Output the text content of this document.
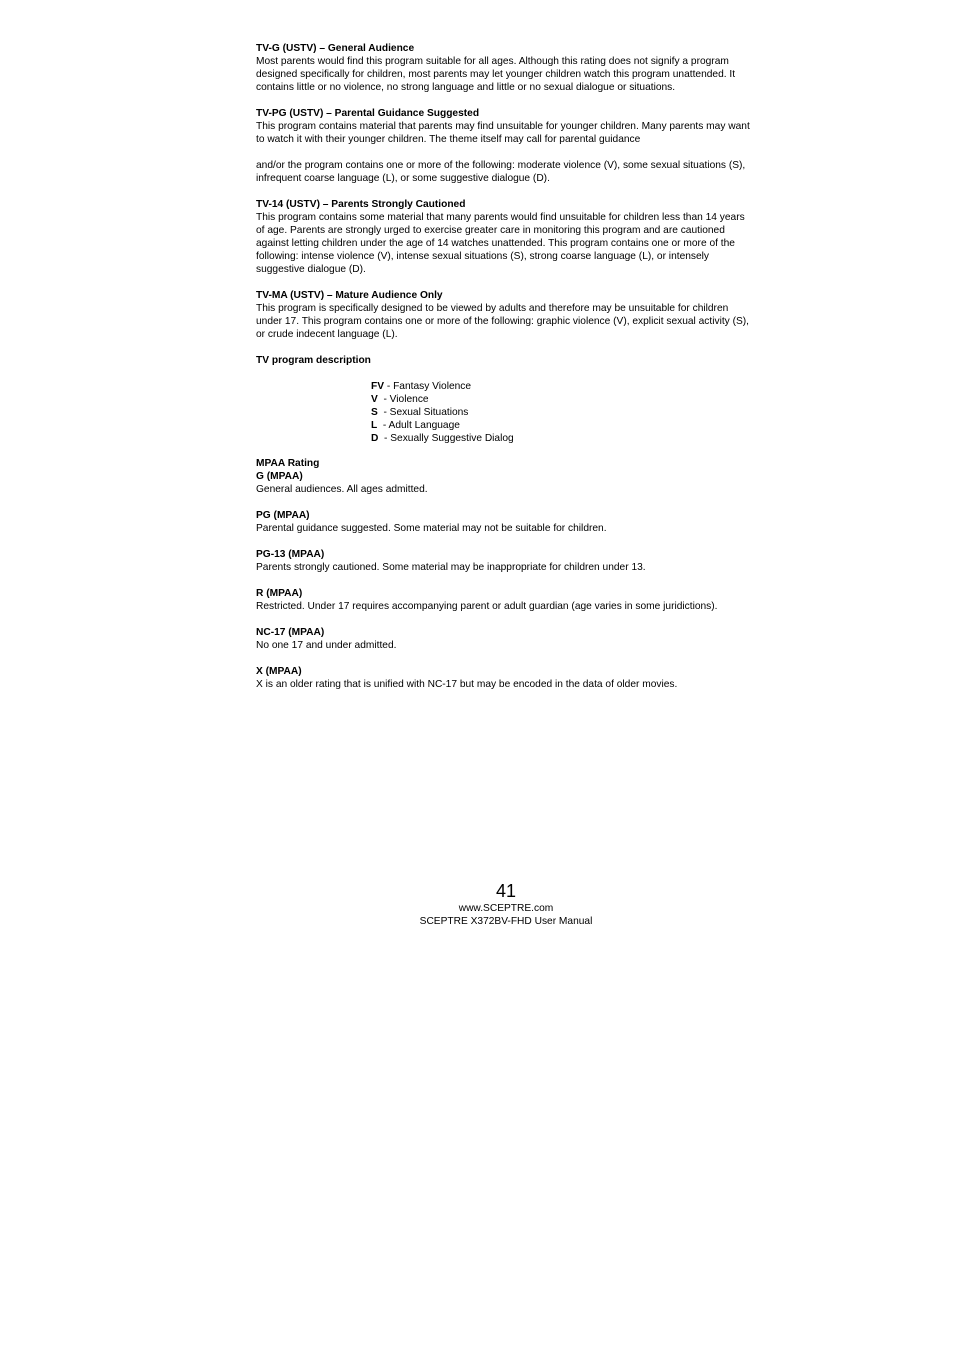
TV-G (USTV) – General Audience

Most parents would find this program suitable for all ages. Although this rating does not signify a program designed specifically for children, most parents may let younger children watch this program unattended. It contains little or no violence, no strong language and little or no sexual dialogue or situations.

TV-PG (USTV) – Parental Guidance Suggested

This program contains material that parents may find unsuitable for younger children. Many parents may want to watch it with their younger children. The theme itself may call for parental guidance

and/or the program contains one or more of the following: moderate violence (V), some sexual situations (S), infrequent coarse language (L), or some suggestive dialogue (D).

TV-14 (USTV) – Parents Strongly Cautioned

This program contains some material that many parents would find unsuitable for children less than 14 years of age. Parents are strongly urged to exercise greater care in monitoring this program and are cautioned against letting children under the age of 14 watches unattended. This program contains one or more of the following: intense violence (V), intense sexual situations (S), strong coarse language (L), or intensely suggestive dialogue (D).

TV-MA (USTV) – Mature Audience Only

This program is specifically designed to be viewed by adults and therefore may be unsuitable for children under 17. This program contains one or more of the following: graphic violence (V), explicit sexual activity (S), or crude indecent language (L).

TV program description
FV - Fantasy Violence
V  - Violence
S  - Sexual Situations
L  - Adult Language
D  - Sexually Suggestive Dialog
MPAA Rating
G (MPAA)

General audiences. All ages admitted.

PG (MPAA)

Parental guidance suggested. Some material may not be suitable for children.

PG-13 (MPAA)

Parents strongly cautioned. Some material may be inappropriate for children under 13.

R (MPAA)

Restricted. Under 17 requires accompanying parent or adult guardian (age varies in some juridictions).

NC-17 (MPAA)

No one 17 and under admitted.

X (MPAA)

X is an older rating that is unified with NC-17 but may be encoded in the data of older movies.

41
www.SCEPTRE.com
SCEPTRE X372BV-FHD User Manual
